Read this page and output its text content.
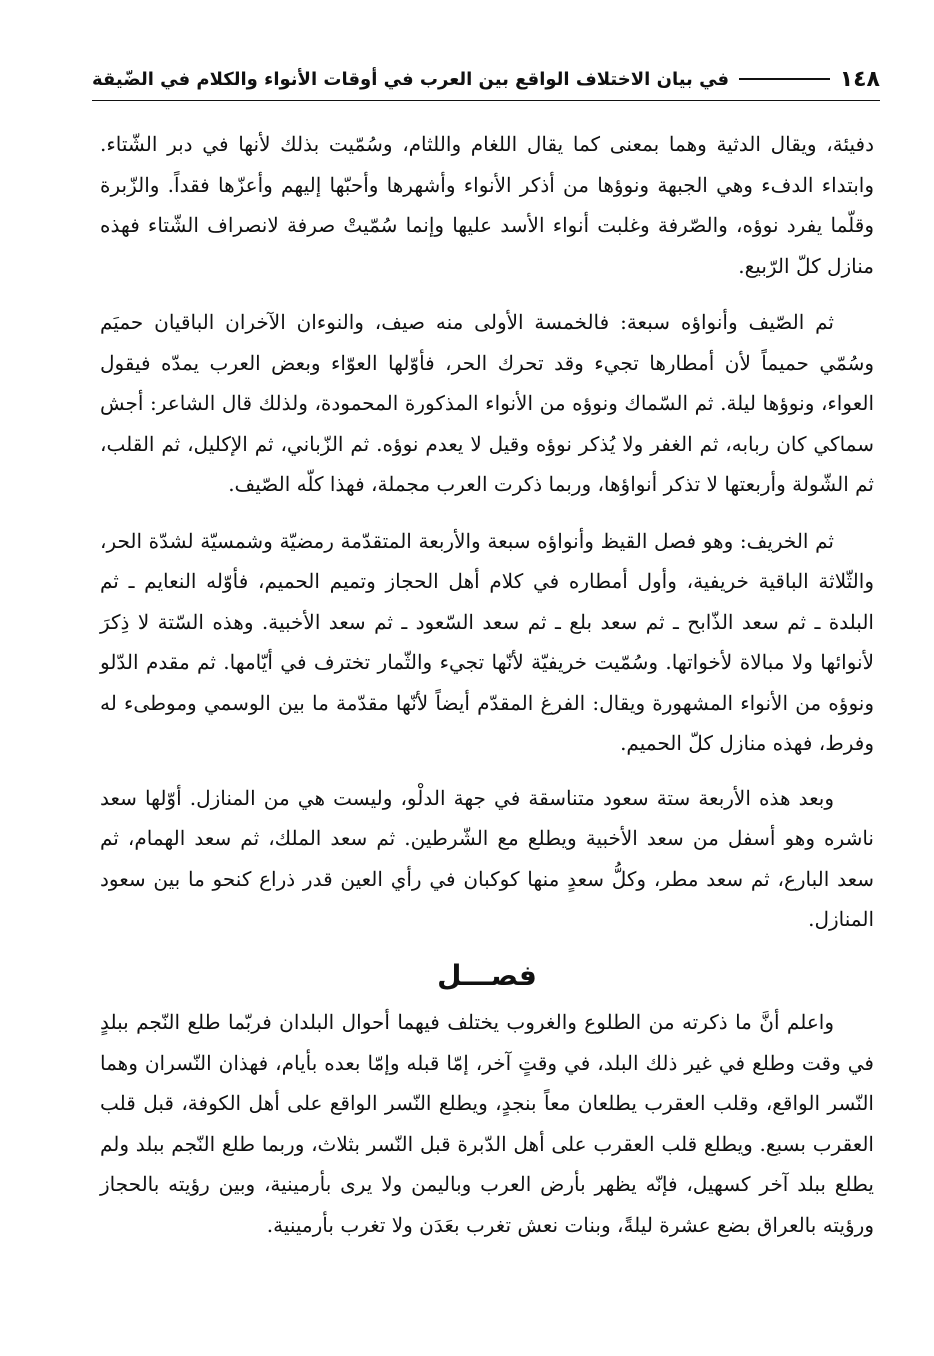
١٤٨
في بيان الاختلاف الواقع بين العرب في أوقات الأنواء والكلام في الضّيقة

دفيئة، ويقال الدثية وهما بمعنى كما يقال اللغام واللثام، وسُمّيت بذلك لأنها في دبر الشّتاء. وابتداء الدفء وهي الجبهة ونوؤها من أذكر الأنواء وأشهرها وأحبّها إليهم وأعزّها فقداً. والزّبرة وقلّما يفرد نوؤه، والصّرفة وغلبت أنواء الأسد عليها وإنما سُمّيتْ صرفة لانصراف الشّتاء فهذه منازل كلّ الرّبيع.

ثم الصّيف وأنواؤه سبعة: فالخمسة الأولى منه صيف، والنوءان الآخران الباقيان حميَم وسُمّي حميماً لأن أمطارها تجيء وقد تحرك الحر، فأوّلها العوّاء وبعض العرب يمدّه فيقول العواء، ونوؤها ليلة. ثم السّماك ونوؤه من الأنواء المذكورة المحمودة، ولذلك قال الشاعر: أجش سماكي كان ربابه، ثم الغفر ولا يُذكر نوؤه وقيل لا يعدم نوؤه. ثم الزّباني، ثم الإكليل، ثم القلب، ثم الشّولة وأربعتها لا تذكر أنواؤها، وربما ذكرت العرب مجملة، فهذا كلّه الصّيف.

ثم الخريف: وهو فصل القيظ وأنواؤه سبعة والأربعة المتقدّمة رمضيّة وشمسيّة لشدّة الحر، والثّلاثة الباقية خريفية، وأول أمطاره في كلام أهل الحجاز وتميم الحميم، فأوّله النعايم ـ ثم البلدة ـ ثم سعد الذّابح ـ ثم سعد بلع ـ ثم سعد السّعود ـ ثم سعد الأخبية. وهذه السّتة لا ذِكرَ لأنوائها ولا مبالاة لأخواتها. وسُمّيت خريفيّة لأنّها تجيء والثّمار تخترف في أيّامها. ثم مقدم الدّلو ونوؤه من الأنواء المشهورة ويقال: الفرغ المقدّم أيضاً لأنّها مقدّمة ما بين الوسمي وموطىء له وفرط، فهذه منازل كلّ الحميم.

وبعد هذه الأربعة ستة سعود متناسقة في جهة الدلْو، وليست هي من المنازل. أوّلها سعد ناشره وهو أسفل من سعد الأخبية ويطلع مع الشّرطين. ثم سعد الملك، ثم سعد الهمام، ثم سعد البارع، ثم سعد مطر، وكلُّ سعدٍ منها كوكبان في رأي العين قدر ذراع كنحو ما بين سعود المنازل.

فصـــل

واعلم أنَّ ما ذكرته من الطلوع والغروب يختلف فيهما أحوال البلدان فربّما طلع النّجم ببلدٍ في وقت وطلع في غير ذلك البلد، في وقتٍ آخر، إمّا قبله وإمّا بعده بأيام، فهذان النّسران وهما النّسر الواقع، وقلب العقرب يطلعان معاً بنجدٍ، ويطلع النّسر الواقع على أهل الكوفة، قبل قلب العقرب بسبع. ويطلع قلب العقرب على أهل الدّبرة قبل النّسر بثلاث، وربما طلع النّجم ببلد ولم يطلع ببلد آخر كسهيل، فإنّه يظهر بأرض العرب وباليمن ولا يرى بأرمينية، وبين رؤيته بالحجاز ورؤيته بالعراق بضع عشرة ليلةً، وبنات نعش تغرب بعَدَن ولا تغرب بأرمينية.
